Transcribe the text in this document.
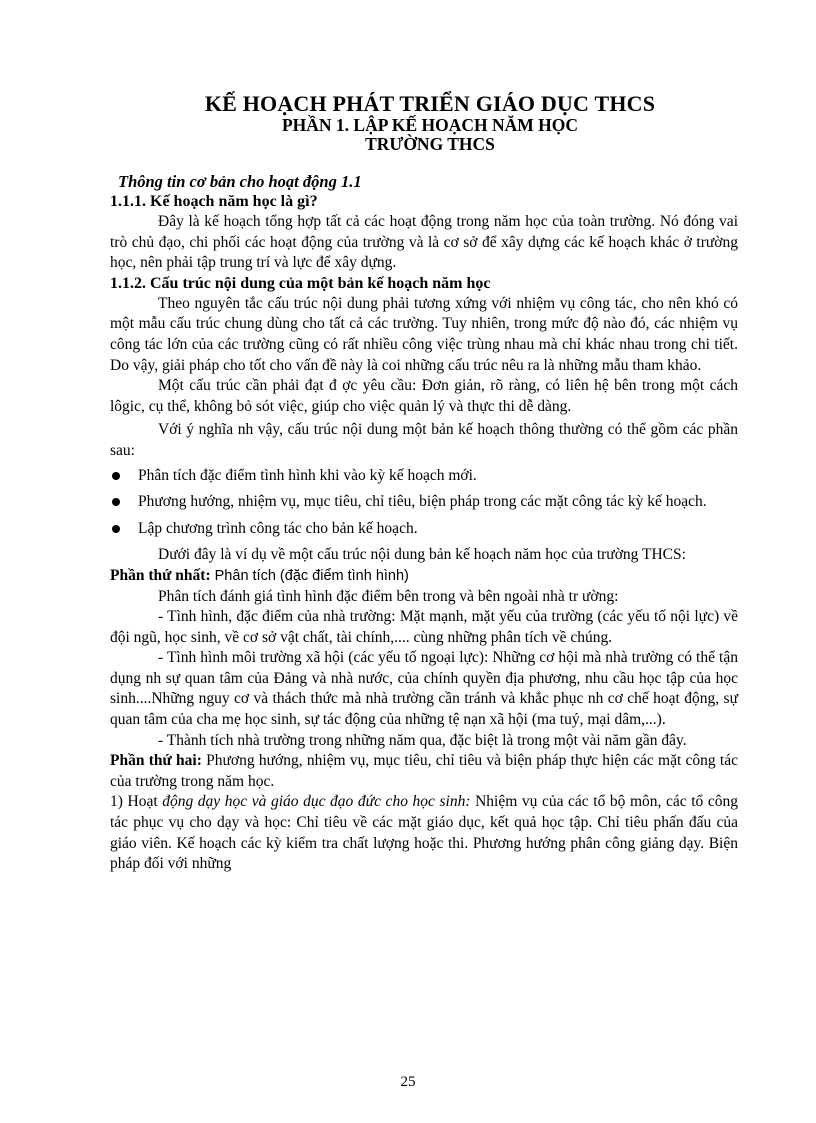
KẾ HOẠCH PHÁT TRIỂN GIÁO DỤC THCS
PHẦN 1. LẬP KẾ HOẠCH NĂM HỌC
TRƯỜNG THCS
Thông tin cơ bản cho hoạt động 1.1
1.1.1. Kế hoạch năm học là gì?

Đây là kế hoạch tổng hợp tất cả các hoạt động trong năm học của toàn trường. Nó đóng vai trò chủ đạo, chi phối các hoạt động của trường và là cơ sở để xây dựng các kế hoạch khác ở trường học, nên phải tập trung trí và lực để xây dựng.

1.1.2. Cấu trúc nội dung của một bản kế hoạch năm học

Theo nguyên tắc cấu trúc nội dung phải tương xứng với nhiệm vụ công tác, cho nên khó có một mẫu cấu trúc chung dùng cho tất cả các trường. Tuy nhiên, trong mức độ nào đó, các nhiệm vụ công tác lớn của các trường cũng có rất nhiều công việc trùng nhau mà chỉ khác nhau trong chi tiết. Do vậy, giải pháp cho tốt cho vấn đề này là coi những cấu trúc nêu ra là những mẫu tham khảo.

Một cấu trúc cần phải đạt đ ợc yêu cầu: Đơn giản, rõ ràng, có liên hệ bên trong một cách lôgic, cụ thể, không bỏ sót việc, giúp cho việc quản lý và thực thi dễ dàng.

Với ý nghĩa nh vậy, cấu trúc nội dung một bản kế hoạch thông thường có thể gồm các phần sau:

Phân tích đặc điểm tình hình khi vào kỳ kế hoạch mới.
Phương hướng, nhiệm vụ, mục tiêu, chỉ tiêu, biện pháp trong các mặt công tác kỳ kế hoạch.
Lập chương trình công tác cho bản kế hoạch.

Dưới đây là ví dụ về một cấu trúc nội dung bản kế hoạch năm học của trường THCS:

Phần thứ nhất: Phân tích (đặc điểm tình hình)

Phân tích đánh giá tình hình đặc điểm bên trong và bên ngoài nhà tr ường:

- Tình hình, đặc điểm của nhà trường: Mặt mạnh, mặt yếu của trường (các yếu tố nội lực) về đội ngũ, học sinh, về cơ sở vật chất, tài chính,.... cùng những phân tích về chúng.

- Tình hình môi trường xã hội (các yếu tố ngoại lực): Những cơ hội mà nhà trường có thể tận dụng nh sự quan tâm của Đảng và nhà nước, của chính quyền địa phương, nhu cầu học tập của học sinh....Những nguy cơ và thách thức mà nhà trường cần tránh và khắc phục nh cơ chế hoạt động, sự quan tâm của cha mẹ học sinh, sự tác động của những tệ nạn xã hội (ma tuý, mại dâm,...).

- Thành tích nhà trường trong những năm qua, đặc biệt là trong một vài năm gần đây.

Phần thứ hai: Phương hướng, nhiệm vụ, mục tiêu, chỉ tiêu và biện pháp thực hiện các mặt công tác của trường trong năm học.

1) Hoạt động dạy học và giáo dục đạo đức cho học sinh: Nhiệm vụ của các tổ bộ môn, các tổ công tác phục vụ cho dạy và học: Chỉ tiêu về các mặt giáo dục, kết quả học tập. Chỉ tiêu phấn đấu của giáo viên. Kế hoạch các kỳ kiểm tra chất lượng hoặc thi. Phương hướng phân công giảng dạy. Biện pháp đối với những

25
